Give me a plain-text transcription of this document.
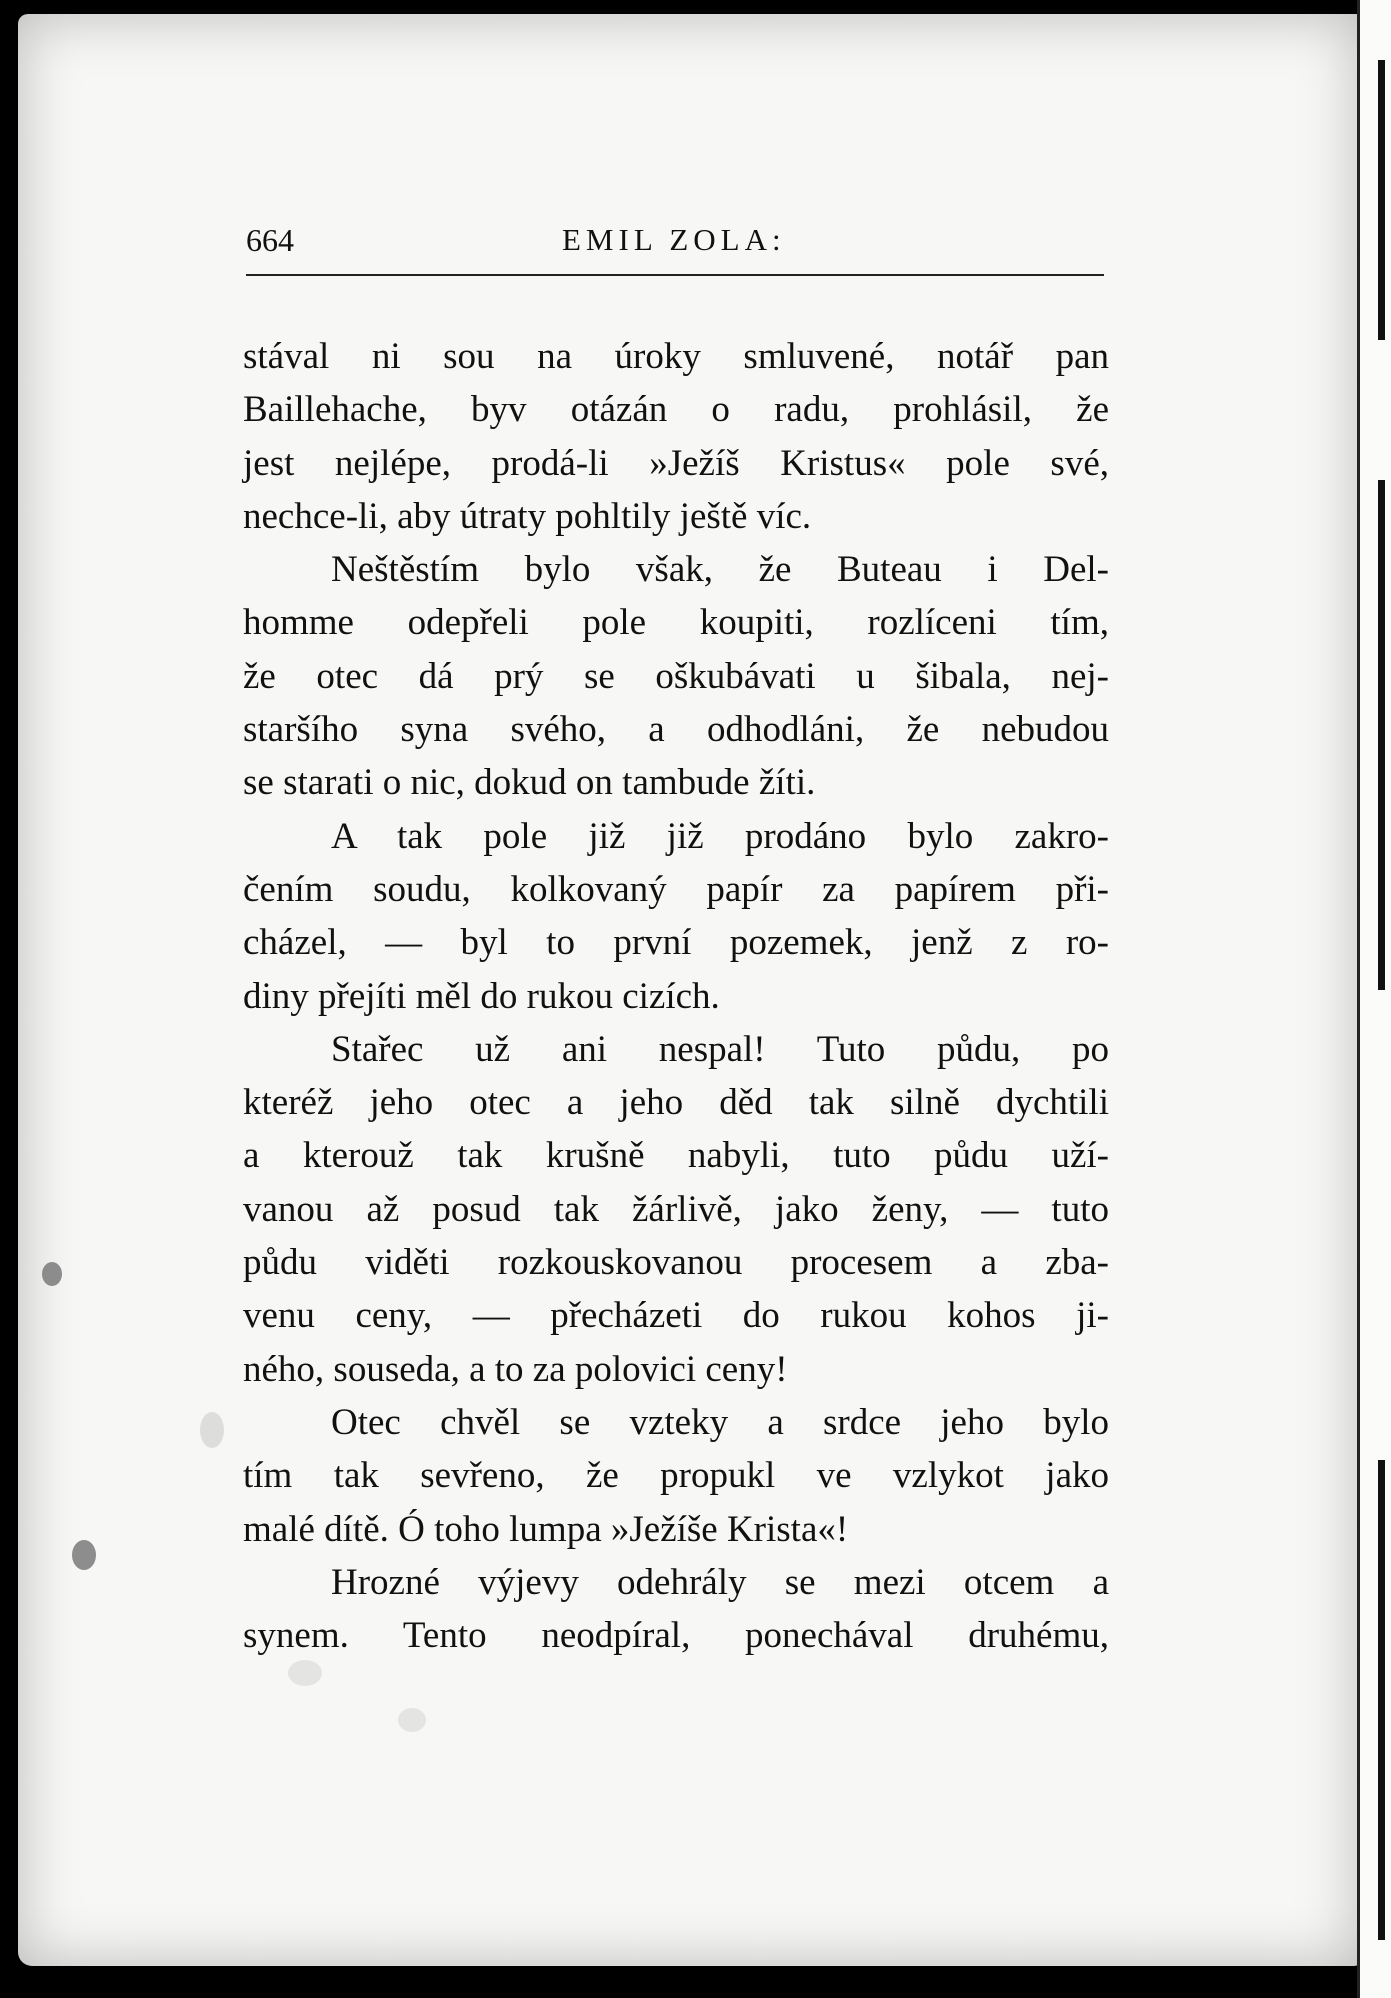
664	EMIL ZOLA:
stával ni sou na úroky smluvené, notář pan
Baillehache, byv otázán o radu, prohlásil, že
jest nejlépe, prodá-li »Ježíš Kristus« pole své,
nechce-li, aby útraty pohltily ještě víc.
Neštěstím bylo však, že Buteau i Del-
homme odepřeli pole koupiti, rozlíceni tím,
že otec dá prý se oškubávati u šibala, nej-
staršího syna svého, a odhodláni, že nebudou
se starati o nic, dokud on tambude žíti.
A tak pole již již prodáno bylo zakro-
čením soudu, kolkovaný papír za papírem při-
cházel, — byl to první pozemek, jenž z ro-
diny přejíti měl do rukou cizích.
Stařec už ani nespal! Tuto půdu, po
kteréž jeho otec a jeho děd tak silně dychtili
a kterouž tak krušně nabyli, tuto půdu uží-
vanou až posud tak žárlivě, jako ženy, — tuto
půdu viděti rozkouskovanou procesem a zba-
venu ceny, — přecházeti do rukou kohos ji-
ného, souseda, a to za polovici ceny!
Otec chvěl se vzteky a srdce jeho bylo
tím tak sevřeno, že propukl ve vzlykot jako
malé dítě. Ó toho lumpa »Ježíše Krista«!
Hrozné výjevy odehrály se mezi otcem a
synem. Tento neodpíral, ponechával druhému,
